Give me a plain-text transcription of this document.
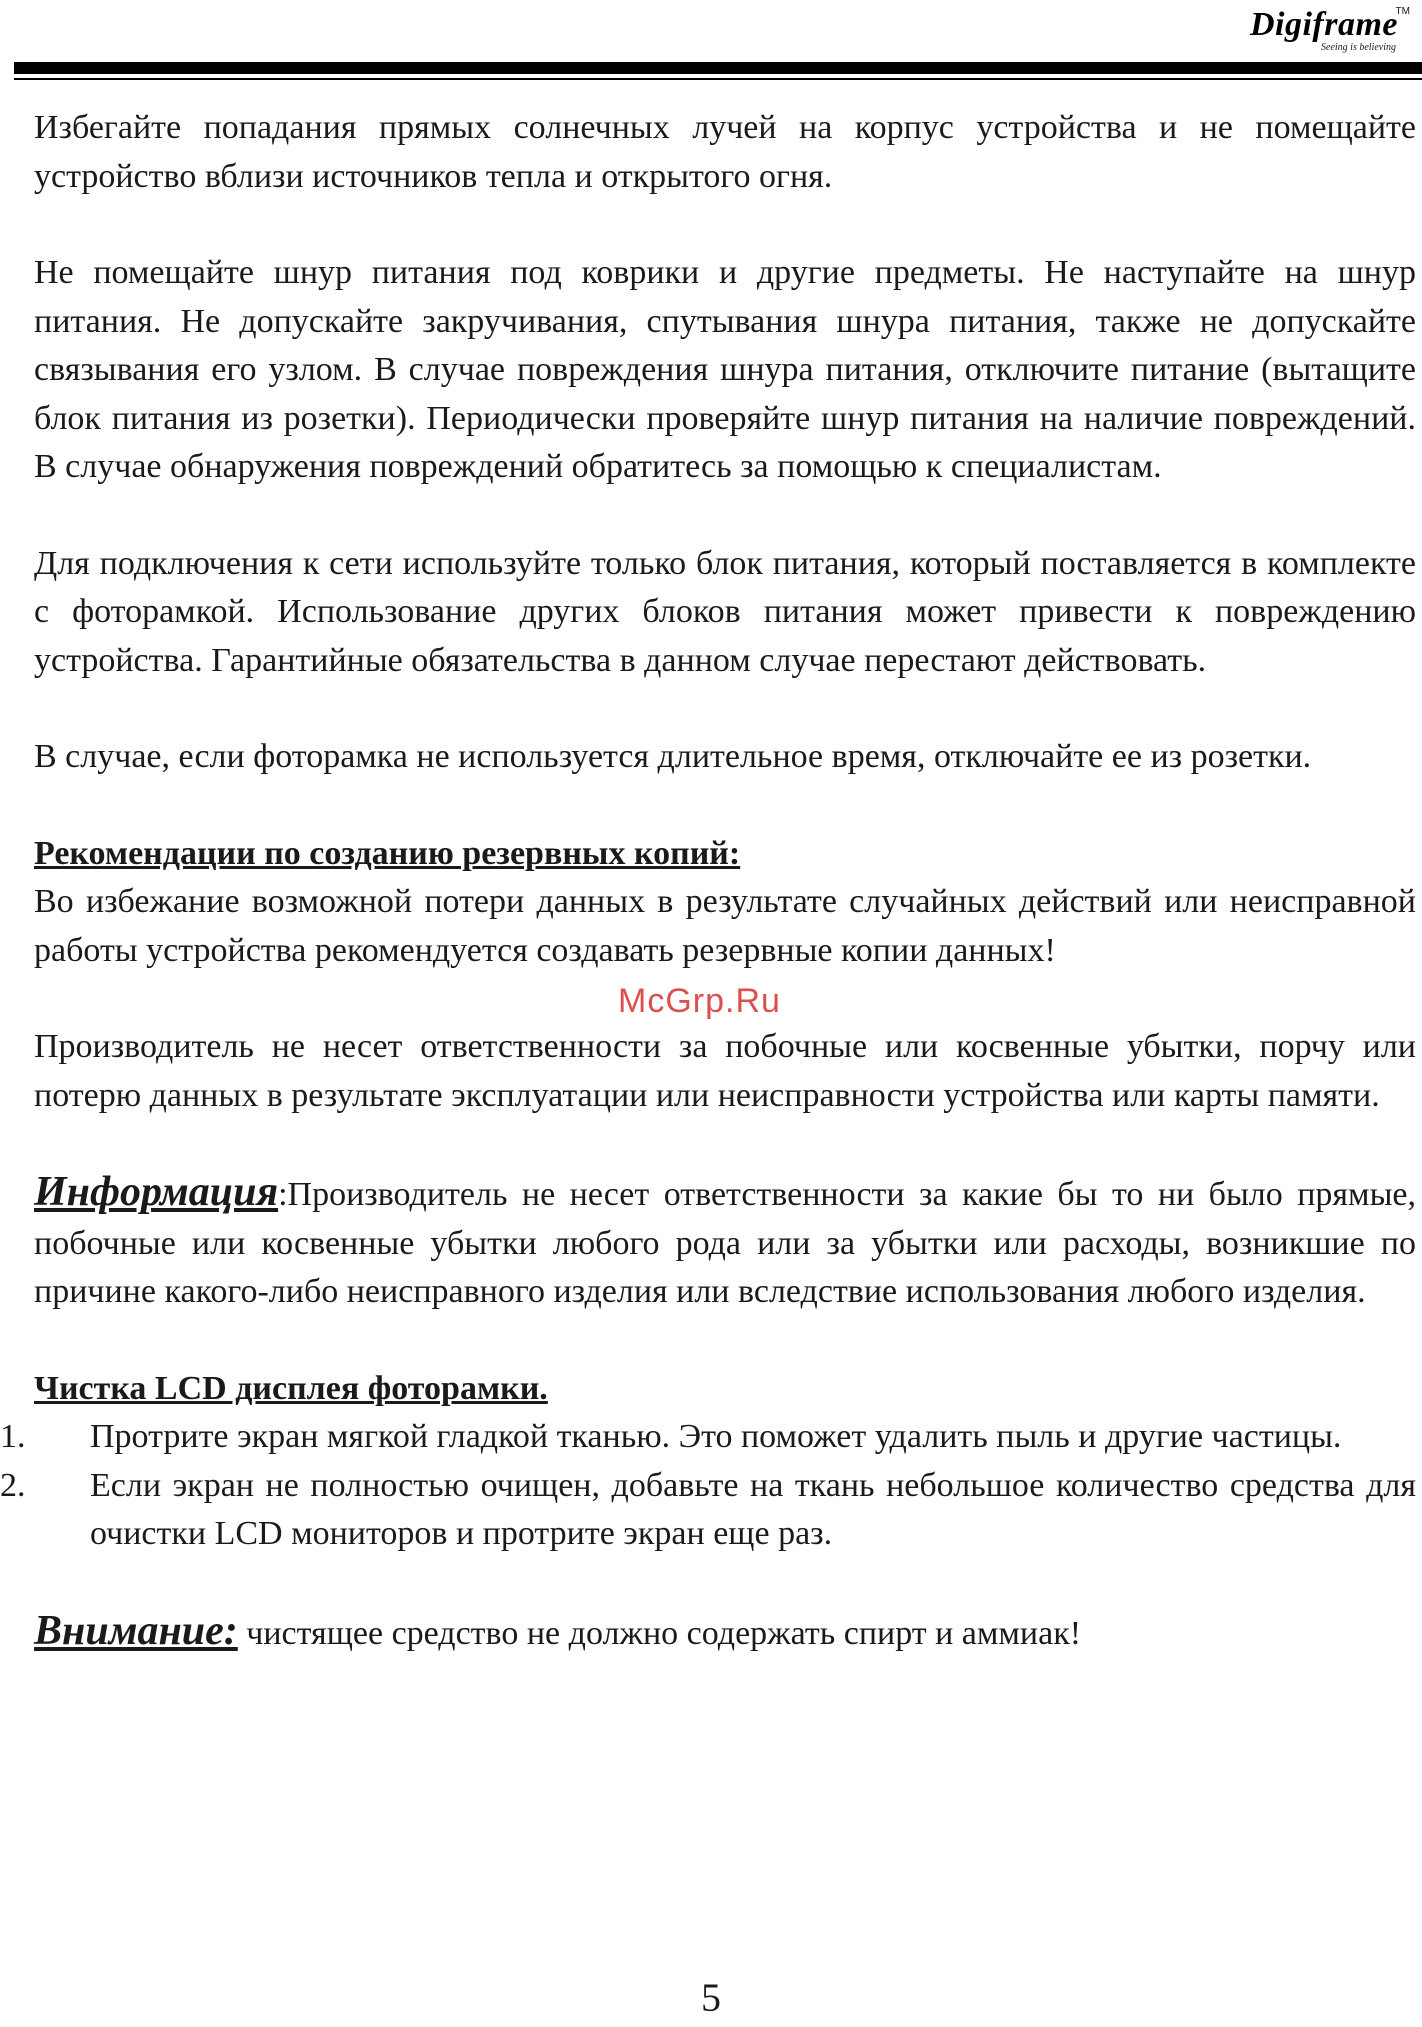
Digiframe
TM
Seeing is believing

Избегайте попадания прямых солнечных лучей на корпус устройства и не помещайте устройство вблизи источников тепла и открытого огня.

Не помещайте шнур питания под коврики и другие предметы. Не наступайте на шнур питания. Не допускайте закручивания, спутывания шнура питания, также не допускайте связывания его узлом. В случае повреждения шнура питания, отключите питание (вытащите блок питания из розетки). Периодически проверяйте шнур питания на наличие повреждений. В случае обнаружения повреждений обратитесь за помощью к специалистам.

Для подключения к сети используйте только блок питания, который поставляется в комплекте с фоторамкой. Использование других блоков питания может привести к повреждению устройства. Гарантийные обязательства в данном случае перестают действовать.

В случае, если фоторамка не используется длительное время, отключайте ее из розетки.

Рекомендации по созданию резервных копий:

Во избежание возможной потери данных в результате случайных действий или неисправной работы устройства рекомендуется создавать резервные копии данных!

Производитель не несет ответственности за побочные или косвенные убытки, порчу или потерю данных в результате эксплуатации или неисправности устройства или карты памяти.

Информация:Производитель не несет ответственности за какие бы то ни было прямые, побочные или косвенные убытки любого рода или за убытки или расходы, возникшие по причине какого-либо неисправного изделия или вследствие использования любого изделия.

Чистка LCD дисплея фоторамки.

1.	Протрите экран мягкой гладкой тканью. Это поможет удалить пыль и другие частицы.
2.	Если экран не полностью очищен, добавьте на ткань небольшое количество средства для очистки LCD мониторов и протрите экран еще раз.

Внимание: чистящее средство не должно содержать спирт и аммиак!

McGrp.Ru
5
